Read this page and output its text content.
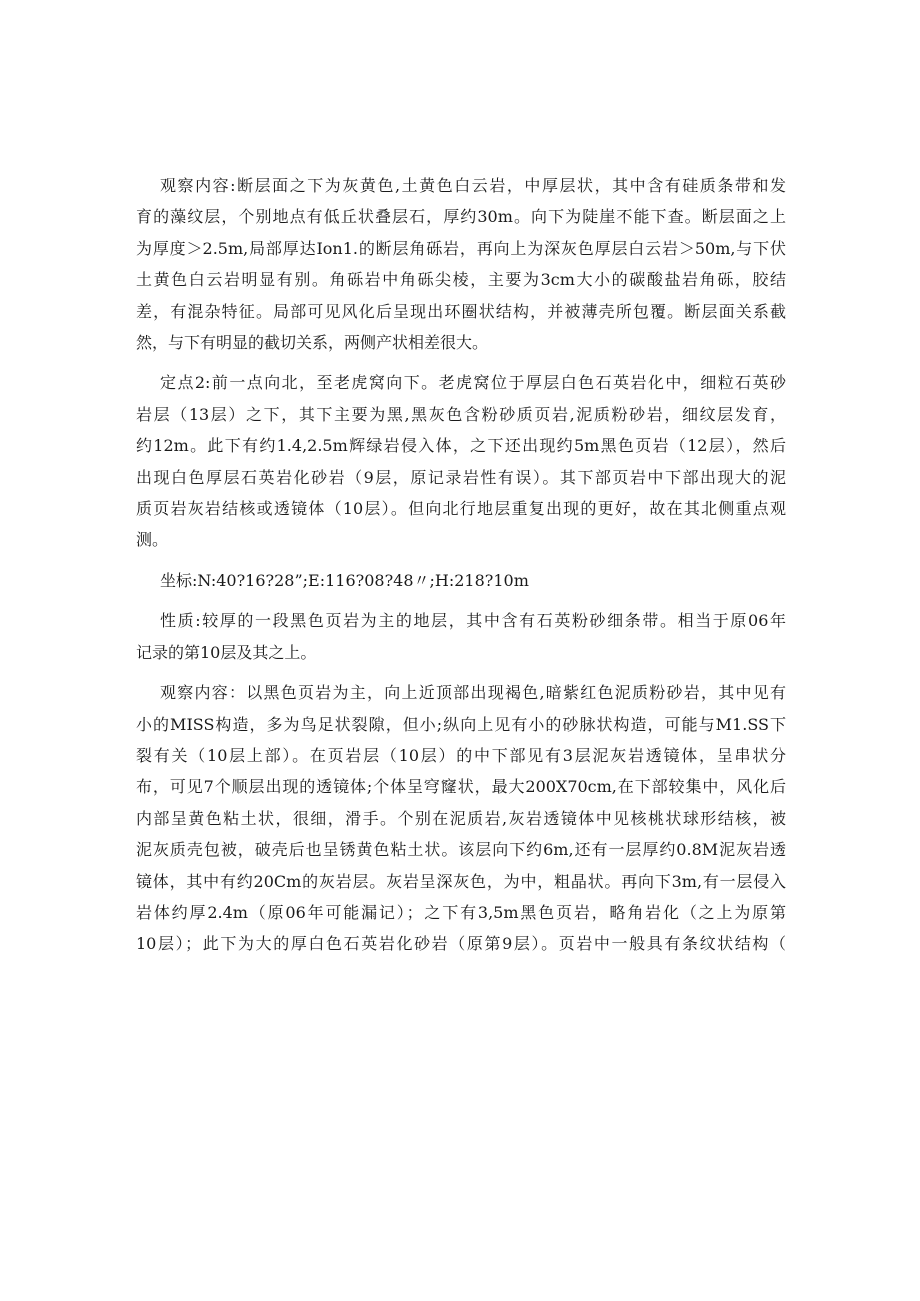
观察内容:断层面之下为灰黄色,土黄色白云岩，中厚层状，其中含有硅质条带和发
育的藻纹层，个别地点有低丘状叠层石，厚约30m。向下为陡崖不能下查。断层面之上
为厚度＞2.5m,局部厚达Ion1.的断层角砾岩，再向上为深灰色厚层白云岩＞50m,与下伏
土黄色白云岩明显有别。角砾岩中角砾尖棱，主要为3cm大小的碳酸盐岩角砾，胶结
差，有混杂特征。局部可见风化后呈现出环圈状结构，并被薄壳所包覆。断层面关系截
然，与下有明显的截切关系，两侧产状相差很大。
定点2:前一点向北，至老虎窝向下。老虎窝位于厚层白色石英岩化中，细粒石英砂
岩层（13层）之下，其下主要为黑,黑灰色含粉砂质页岩,泥质粉砂岩，细纹层发育，
约12m。此下有约1.4,2.5m辉绿岩侵入体，之下还出现约5m黑色页岩（12层），然后
出现白色厚层石英岩化砂岩（9层，原记录岩性有误）。其下部页岩中下部出现大的泥
质页岩灰岩结核或透镜体（10层）。但向北行地层重复出现的更好，故在其北侧重点观
测。
坐标:N:40?16?28”;E:116?08?48〃;H:218?10m
性质:较厚的一段黑色页岩为主的地层，其中含有石英粉砂细条带。相当于原06年
记录的第10层及其之上。
观察内容：以黑色页岩为主，向上近顶部出现褐色,暗紫红色泥质粉砂岩，其中见有
小的MISS构造，多为鸟足状裂隙，但小;纵向上见有小的砂脉状构造，可能与M1.SS下
裂有关（10层上部）。在页岩层（10层）的中下部见有3层泥灰岩透镜体，呈串状分
布，可见7个顺层出现的透镜体;个体呈穹窿状，最大200X70cm,在下部较集中，风化后
内部呈黄色粘土状，很细，滑手。个别在泥质岩,灰岩透镜体中见核桃状球形结核，被
泥灰质壳包被，破壳后也呈锈黄色粘土状。该层向下约6m,还有一层厚约0.8M泥灰岩透
镜体，其中有约20Cm的灰岩层。灰岩呈深灰色，为中，粗晶状。再向下3m,有一层侵入
岩体约厚2.4m（原06年可能漏记）；之下有3,5m黑色页岩，略角岩化（之上为原第
10层）；此下为大的厚白色石英岩化砂岩（原第9层）。页岩中一般具有条纹状结构（
